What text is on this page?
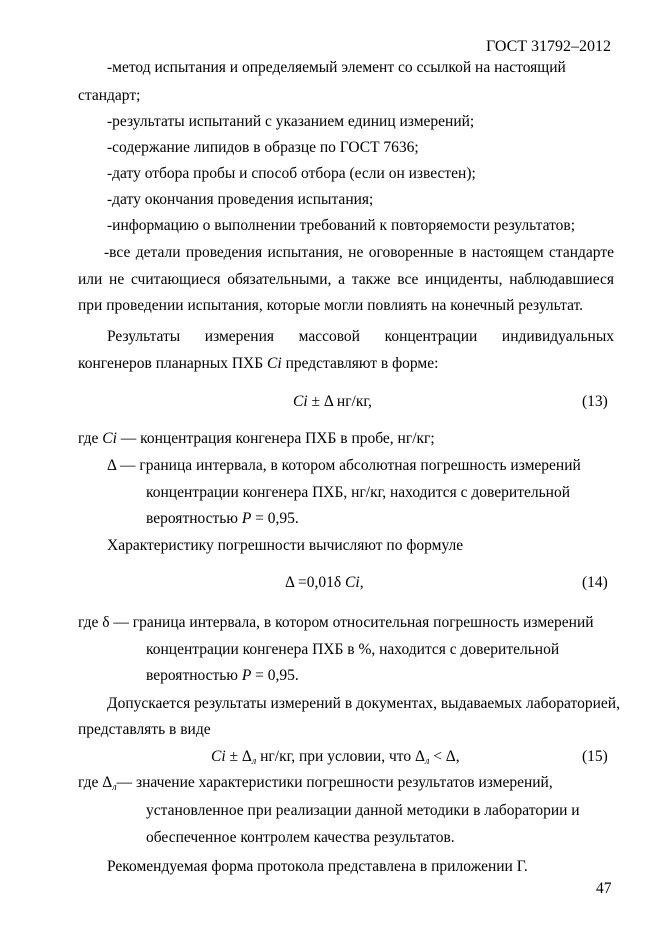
ГОСТ 31792–2012
-метод испытания и определяемый элемент со ссылкой на настоящий
стандарт;
-результаты испытаний с указанием единиц измерений;
-содержание липидов в образце по ГОСТ 7636;
-дату отбора пробы и способ отбора (если он известен);
-дату окончания проведения испытания;
-информацию о выполнении требований к повторяемости результатов;
-все детали проведения испытания, не оговоренные в настоящем стандарте
или не считающиеся обязательными, а также все инциденты, наблюдавшиеся
при проведении испытания, которые могли повлиять на конечный результат.
Результаты измерения массовой концентрации индивидуальных
конгенеров планарных ПХБ Ci представляют в форме:
Ci ± Δ нг/кг,	(13)
где Ci — концентрация конгенера ПХБ в пробе, нг/кг;
Δ — граница интервала, в котором абсолютная погрешность измерений
концентрации конгенера ПХБ, нг/кг, находится с доверительной
вероятностью P = 0,95.
Характеристику погрешности вычисляют по формуле
Δ =0,01δ Ci,	(14)
где δ — граница интервала, в котором относительная погрешность измерений
концентрации конгенера ПХБ в %, находится с доверительной
вероятностью P = 0,95.
Допускается результаты измерений в документах, выдаваемых лабораторией,
представлять в виде
$Ci \pm \Delta_л$ нг/кг, при условии, что $\Delta_л < \Delta$,	(15)
где $\Delta_л—$ значение характеристики погрешности результатов измерений,
установленное при реализации данной методики в лаборатории и
обеспеченное контролем качества результатов.
Рекомендуемая форма протокола представлена в приложении Г.
47
